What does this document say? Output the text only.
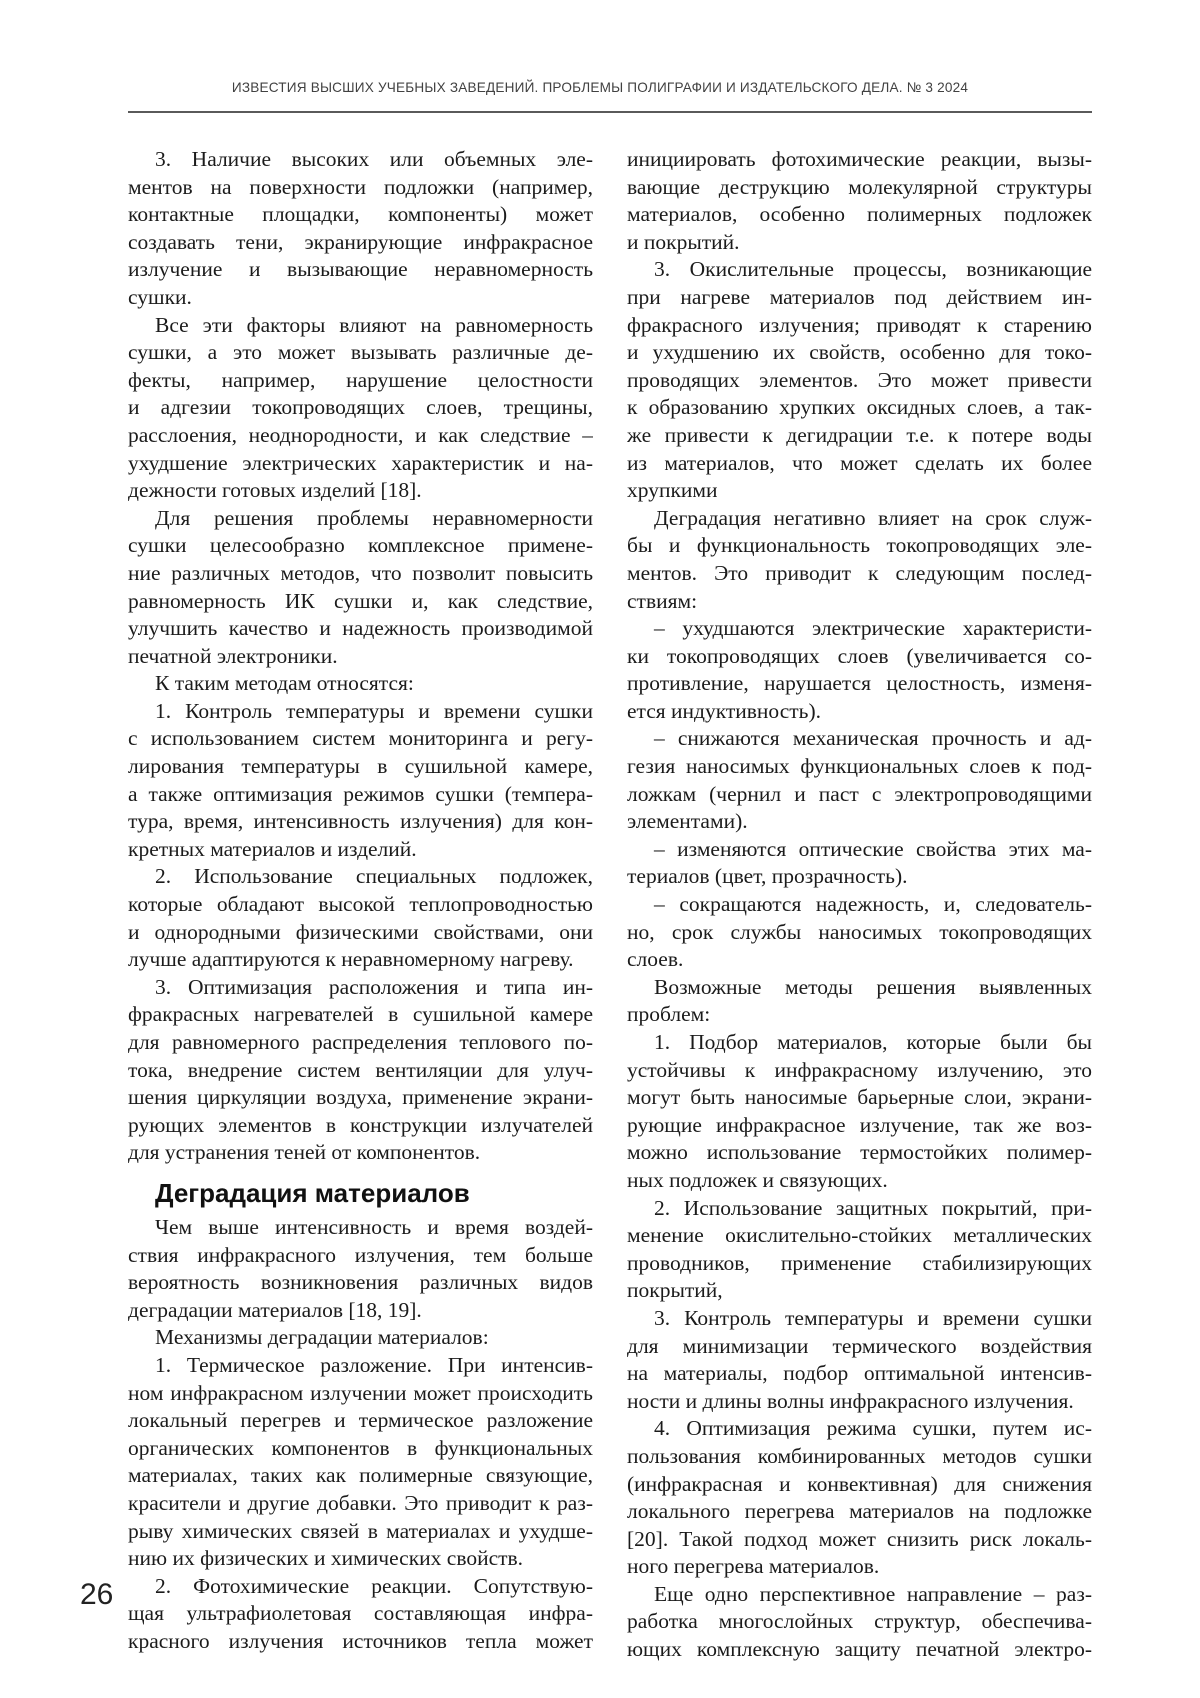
ИЗВЕСТИЯ ВЫСШИХ УЧЕБНЫХ ЗАВЕДЕНИЙ. ПРОБЛЕМЫ ПОЛИГРАФИИ И ИЗДАТЕЛЬСКОГО ДЕЛА. № 3 2024
3. Наличие высоких или объемных эле-
ментов на поверхности подложки (например,
контактные площадки, компоненты) может
создавать тени, экранирующие инфракрасное
излучение и вызывающие неравномерность
сушки.
Все эти факторы влияют на равномерность
сушки, а это может вызывать различные де-
фекты, например, нарушение целостности
и адгезии токопроводящих слоев, трещины,
расслоения, неоднородности, и как следствие –
ухудшение электрических характеристик и на-
дежности готовых изделий [18].
Для решения проблемы неравномерности
сушки целесообразно комплексное примене-
ние различных методов, что позволит повысить
равномерность ИК сушки и, как следствие,
улучшить качество и надежность производимой
печатной электроники.
К таким методам относятся:
1. Контроль температуры и времени сушки
с использованием систем мониторинга и регу-
лирования температуры в сушильной камере,
а также оптимизация режимов сушки (темпера-
тура, время, интенсивность излучения) для кон-
кретных материалов и изделий.
2. Использование специальных подложек,
которые обладают высокой теплопроводностью
и однородными физическими свойствами, они
лучше адаптируются к неравномерному нагреву.
3. Оптимизация расположения и типа ин-
фракрасных нагревателей в сушильной камере
для равномерного распределения теплового по-
тока, внедрение систем вентиляции для улуч-
шения циркуляции воздуха, применение экрани-
рующих элементов в конструкции излучателей
для устранения теней от компонентов.
Деградация материалов
Чем выше интенсивность и время воздей-
ствия инфракрасного излучения, тем больше
вероятность возникновения различных видов
деградации материалов [18, 19].
Механизмы деградации материалов:
1. Термическое разложение. При интенсив-
ном инфракрасном излучении может происходить
локальный перегрев и термическое разложение
органических компонентов в функциональных
материалах, таких как полимерные связующие,
красители и другие добавки. Это приводит к раз-
рыву химических связей в материалах и ухудше-
нию их физических и химических свойств.
2. Фотохимические реакции. Сопутствую-
щая ультрафиолетовая составляющая инфра-
красного излучения источников тепла может
инициировать фотохимические реакции, вызы-
вающие деструкцию молекулярной структуры
материалов, особенно полимерных подложек
и покрытий.
3. Окислительные процессы, возникающие
при нагреве материалов под действием ин-
фракрасного излучения; приводят к старению
и ухудшению их свойств, особенно для токо-
проводящих элементов. Это может привести
к образованию хрупких оксидных слоев, а так-
же привести к дегидрации т.е. к потере воды
из материалов, что может сделать их более
хрупкими
Деградация негативно влияет на срок служ-
бы и функциональность токопроводящих эле-
ментов. Это приводит к следующим послед-
ствиям:
– ухудшаются электрические характеристи-
ки токопроводящих слоев (увеличивается со-
противление, нарушается целостность, изменя-
ется индуктивность).
– снижаются механическая прочность и ад-
гезия наносимых функциональных слоев к под-
ложкам (чернил и паст с электропроводящими
элементами).
– изменяются оптические свойства этих ма-
териалов (цвет, прозрачность).
– сокращаются надежность, и, следователь-
но, срок службы наносимых токопроводящих
слоев.
Возможные методы решения выявленных
проблем:
1. Подбор материалов, которые были бы
устойчивы к инфракрасному излучению, это
могут быть наносимые барьерные слои, экрани-
рующие инфракрасное излучение, так же воз-
можно использование термостойких полимер-
ных подложек и связующих.
2. Использование защитных покрытий, при-
менение окислительно-стойких металлических
проводников, применение стабилизирующих
покрытий,
3. Контроль температуры и времени сушки
для минимизации термического воздействия
на материалы, подбор оптимальной интенсив-
ности и длины волны инфракрасного излучения.
4. Оптимизация режима сушки, путем ис-
пользования комбинированных методов сушки
(инфракрасная и конвективная) для снижения
локального перегрева материалов на подложке
[20]. Такой подход может снизить риск локаль-
ного перегрева материалов.
Еще одно перспективное направление – раз-
работка многослойных структур, обеспечива-
ющих комплексную защиту печатной электро-
26
